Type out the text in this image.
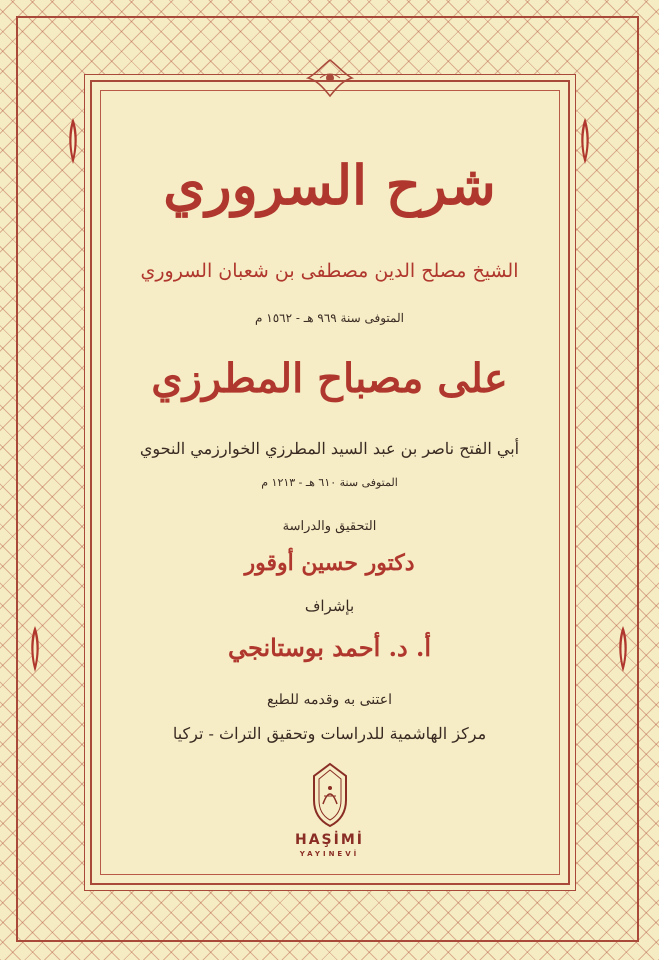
شرح السروري
الشيخ مصلح الدين مصطفى بن شعبان السروري
المتوفى سنة ٩٦٩ هـ - ١٥٦٢ م
على مصباح المطرزي
أبي الفتح ناصر بن عبد السيد المطرزي الخوارزمي النحوي
المتوفى سنة ٦١٠ هـ - ١٢١٣ م
التحقيق والدراسة
دكتور حسين أوقور
بإشراف
أ. د. أحمد بوستانجي
اعتنى به وقدمه للطبع
مركز الهاشمية للدراسات وتحقيق التراث - تركيا
HAŞİMİ
YAYINEVİ
